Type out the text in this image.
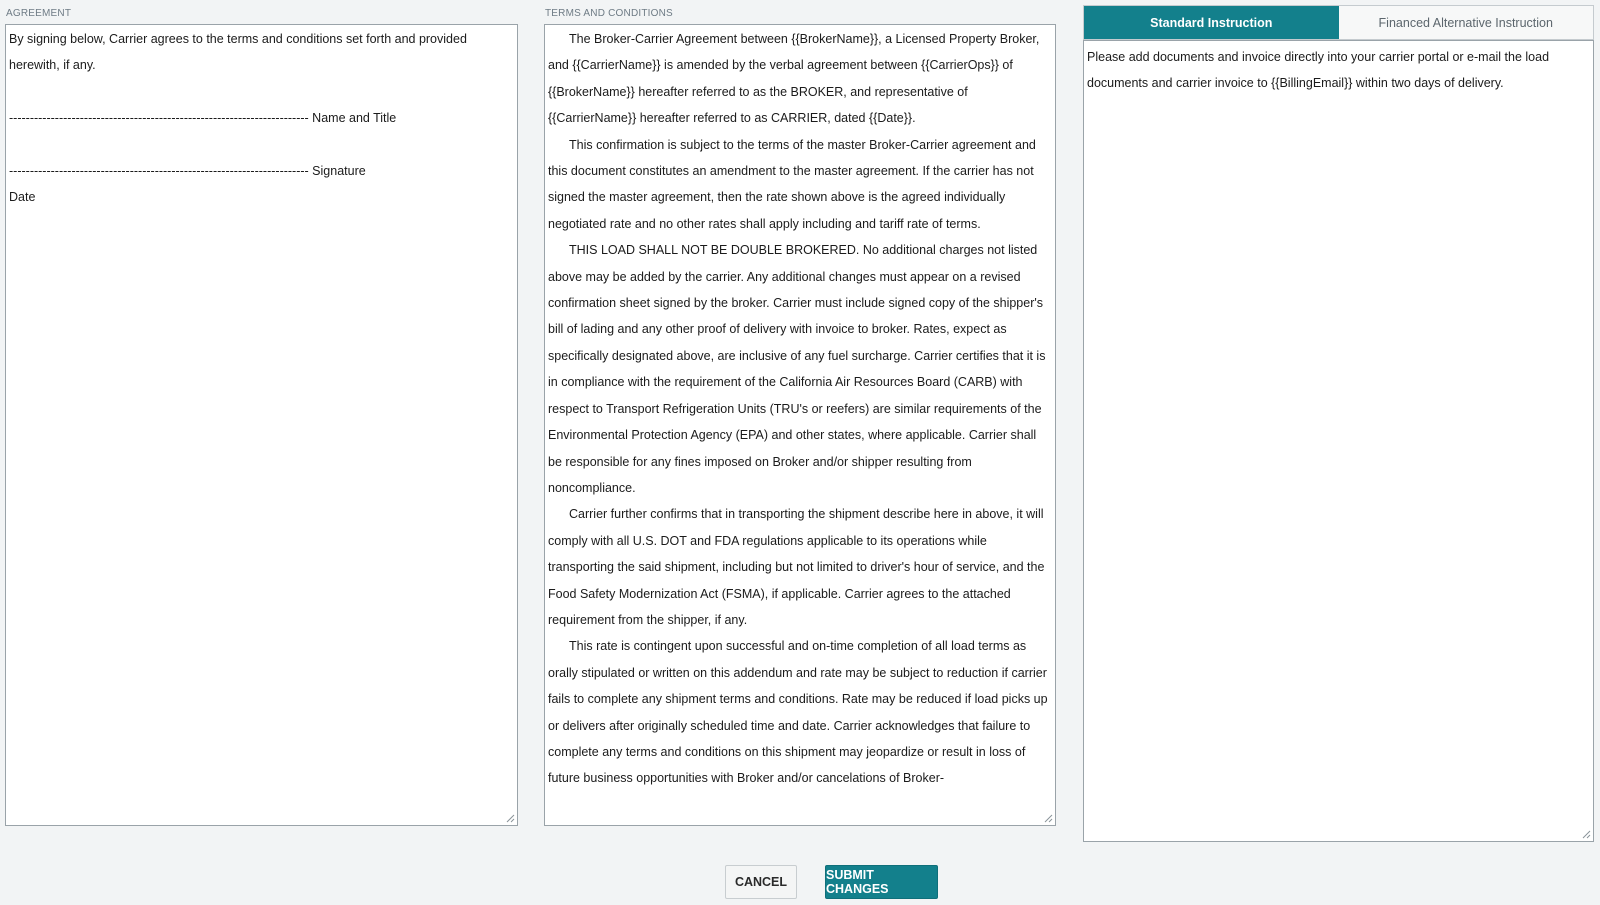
AGREEMENT
By signing below, Carrier agrees to the terms and conditions set forth and provided
herewith, if any.
------------------------------------------------------------------------ Name and Title
------------------------------------------------------------------------ Signature
Date
TERMS AND CONDITIONS

The Broker-Carrier Agreement between {{BrokerName}}, a Licensed Property Broker, and {{CarrierName}} is amended by the verbal agreement between {{CarrierOps}} of {{BrokerName}} hereafter referred to as the BROKER, and representative of {{CarrierName}} hereafter referred to as CARRIER, dated {{Date}}.

This confirmation is subject to the terms of the master Broker-Carrier agreement and this document constitutes an amendment to the master agreement. If the carrier has not signed the master agreement, then the rate shown above is the agreed individually negotiated rate and no other rates shall apply including and tariff rate of terms.

THIS LOAD SHALL NOT BE DOUBLE BROKERED. No additional charges not listed above may be added by the carrier. Any additional changes must appear on a revised confirmation sheet signed by the broker. Carrier must include signed copy of the shipper's bill of lading and any other proof of delivery with invoice to broker. Rates, expect as specifically designated above, are inclusive of any fuel surcharge. Carrier certifies that it is in compliance with the requirement of the California Air Resources Board (CARB) with respect to Transport Refrigeration Units (TRU's or reefers) are similar requirements of the Environmental Protection Agency (EPA) and other states, where applicable. Carrier shall be responsible for any fines imposed on Broker and/or shipper resulting from noncompliance.

Carrier further confirms that in transporting the shipment describe here in above, it will comply with all U.S. DOT and FDA regulations applicable to its operations while transporting the said shipment, including but not limited to driver's hour of service, and the Food Safety Modernization Act (FSMA), if applicable. Carrier agrees to the attached requirement from the shipper, if any.

This rate is contingent upon successful and on-time completion of all load terms as orally stipulated or written on this addendum and rate may be subject to reduction if carrier fails to complete any shipment terms and conditions. Rate may be reduced if load picks up or delivers after originally scheduled time and date. Carrier acknowledges that failure to complete any terms and conditions on this shipment may jeopardize or result in loss of future business opportunities with Broker and/or cancelations of Broker-

Standard Instruction	Financed Alternative Instruction
Please add documents and invoice directly into your carrier portal or e-mail the load documents and carrier invoice to {{BillingEmail}} within two days of delivery.
CANCEL	SUBMIT CHANGES
